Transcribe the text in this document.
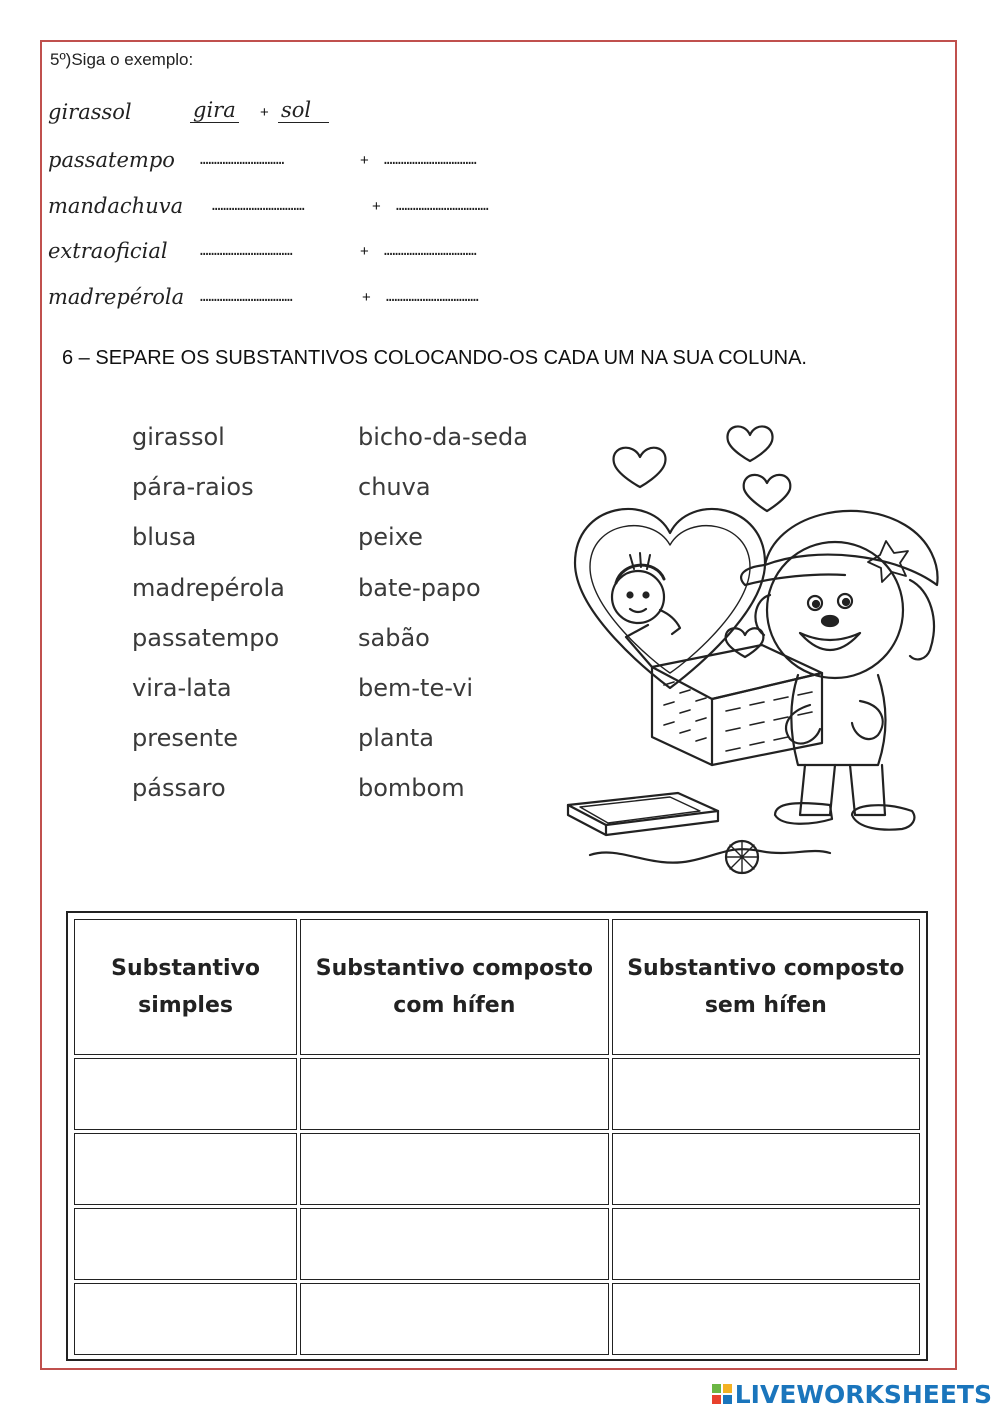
5º)Siga o exemplo:
girassol	gira + sol
passatempo …………………………	+ ……………………………
mandachuva ……………………………	+ ……………………………
extraoficial ……………………………	+ ……………………………
madrepérola ……………………………	+ ……………………………
6 – SEPARE OS SUBSTANTIVOS COLOCANDO-OS CADA UM NA SUA COLUNA.
girassol
pára-raios
blusa
madrepérola
passatempo
vira-lata
presente
pássaro
bicho-da-seda
chuva
peixe
bate-papo
sabão
bem-te-vi
planta
bombom
Substantivo simples	Substantivo composto com hífen	Substantivo composto sem hífen

LIVEWORKSHEETS
